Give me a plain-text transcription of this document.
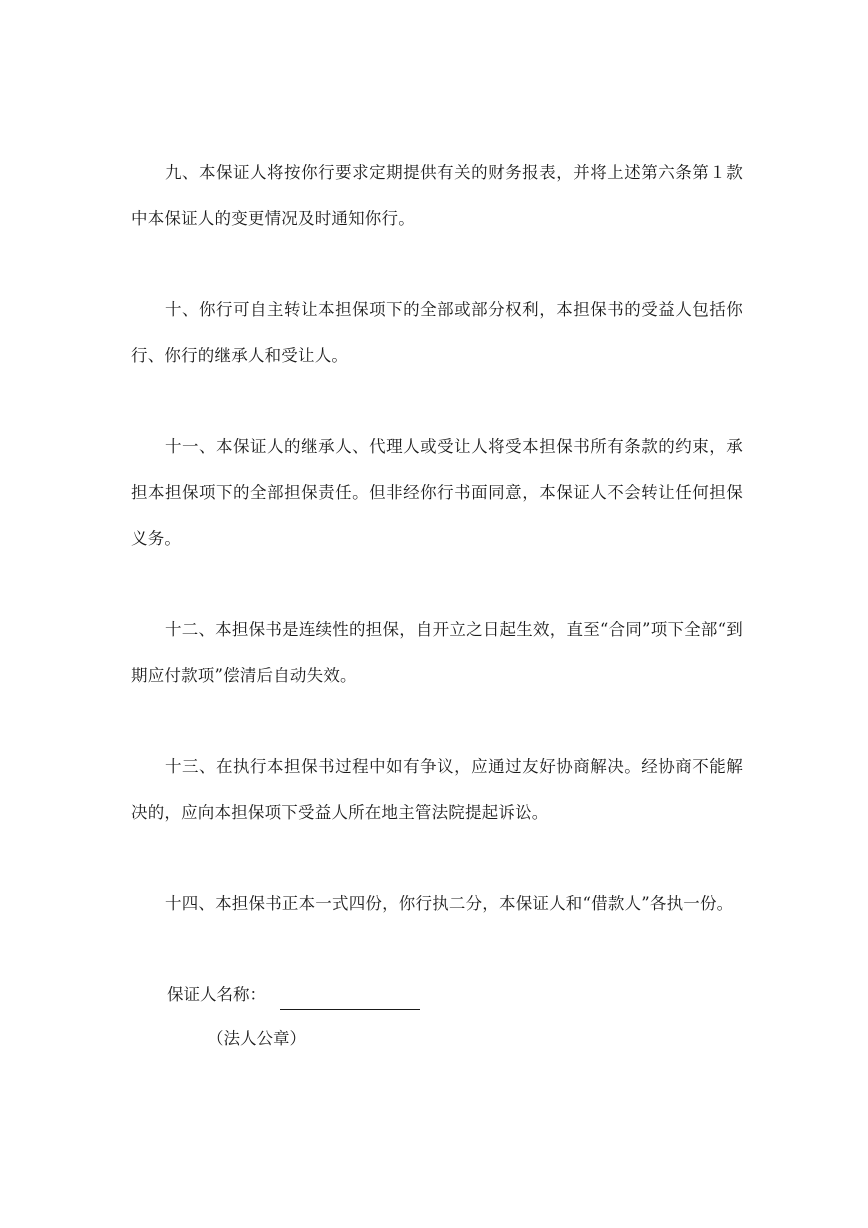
九、本保证人将按你行要求定期提供有关的财务报表，并将上述第六条第１款中本保证人的变更情况及时通知你行。

十、你行可自主转让本担保项下的全部或部分权利，本担保书的受益人包括你行、你行的继承人和受让人。

十一、本保证人的继承人、代理人或受让人将受本担保书所有条款的约束，承担本担保项下的全部担保责任。但非经你行书面同意，本保证人不会转让任何担保义务。

十二、本担保书是连续性的担保，自开立之日起生效，直至“合同”项下全部“到期应付款项”偿清后自动失效。

十三、在执行本担保书过程中如有争议，应通过友好协商解决。经协商不能解决的，应向本担保项下受益人所在地主管法院提起诉讼。

十四、本担保书正本一式四份，你行执二分，本保证人和“借款人”各执一份。

保证人名称：
（法人公章）
